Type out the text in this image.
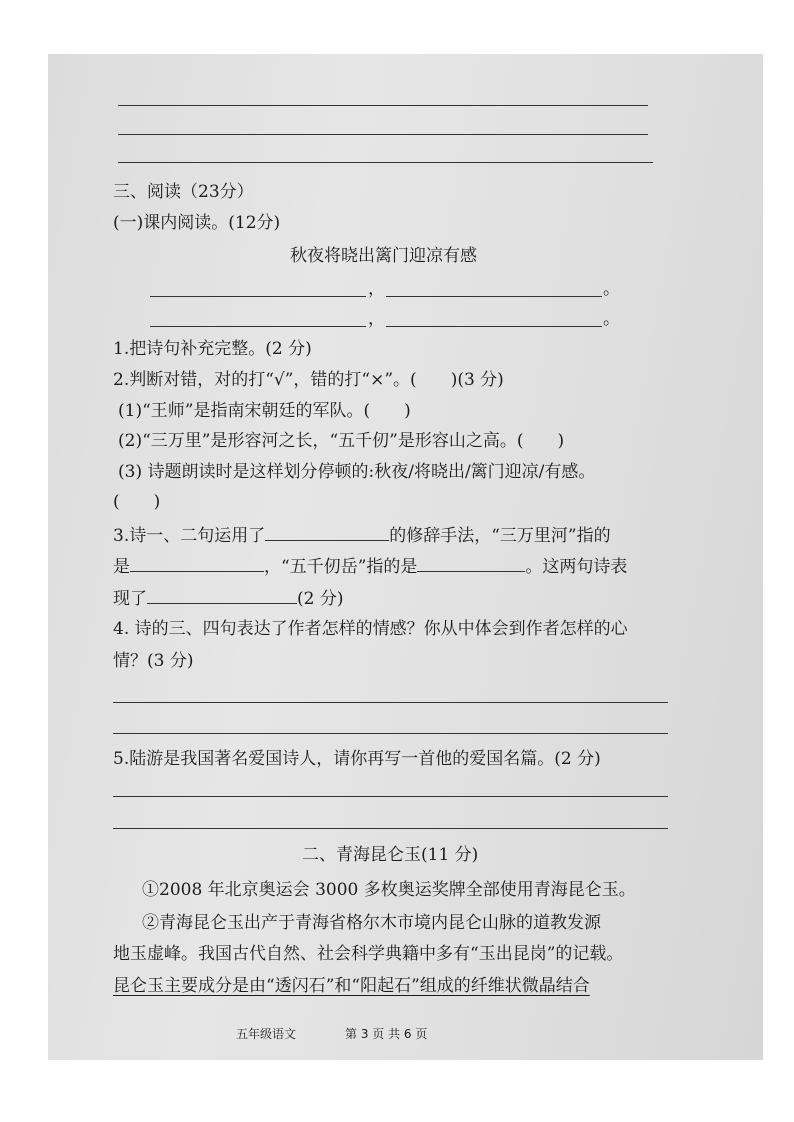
三、阅读（23分）
(一)课内阅读。(12分)
秋夜将晓出篱门迎凉有感
，	。
，	。
1.把诗句补充完整。(2 分)
2.判断对错，对的打“√”，错的打“×”。(　　)(3 分)
(1)“王师”是指南宋朝廷的军队。(　　)
(2)“三万里”是形容河之长，“五千仞”是形容山之高。(　　)
(3) 诗题朗读时是这样划分停顿的:秋夜/将晓出/篱门迎凉/有感。
(　　)
3.诗一、二句运用了	的修辞手法，“三万里河”指的
是	，“五千仞岳”指的是	。这两句诗表
现了	(2 分)
4. 诗的三、四句表达了作者怎样的情感？你从中体会到作者怎样的心
情？(3 分)
5.陆游是我国著名爱国诗人，请你再写一首他的爱国名篇。(2 分)
二、青海昆仑玉(11 分)
①2008 年北京奥运会 3000 多枚奥运奖牌全部使用青海昆仑玉。
②青海昆仑玉出产于青海省格尔木市境内昆仑山脉的道教发源
地玉虚峰。我国古代自然、社会科学典籍中多有“玉出昆岗”的记载。
昆仑玉主要成分是由“透闪石”和“阳起石”组成的纤维状微晶结合
五年级语文	第 3 页 共 6 页
